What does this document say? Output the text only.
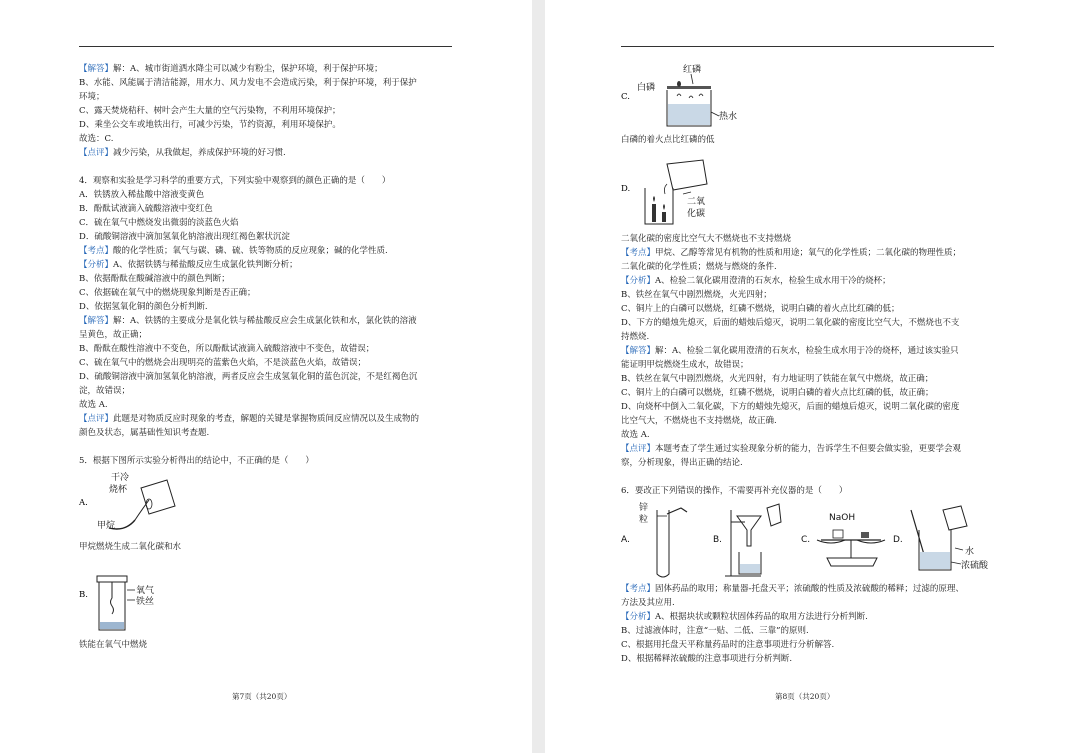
【解答】解：A、城市街道洒水降尘可以减少有粉尘，保护环境，利于保护环境；
B、水能、风能属于清洁能源，用水力、风力发电不会造成污染，利于保护环境，利于保护
环境；
C、露天焚烧秸秆、树叶会产生大量的空气污染物，不利用环境保护；
D、乘坐公交车或地铁出行，可减少污染，节约资源，利用环境保护。
故选：C.
【点评】减少污染，从我做起，养成保护环境的好习惯.
4．观察和实验是学习科学的重要方式，下列实验中观察到的颜色正确的是（　　）
A．铁锈放入稀盐酸中溶液变黄色
B．酚酞试液滴入硫酸溶液中变红色
C．硫在氧气中燃烧发出微弱的淡蓝色火焰
D．硫酸铜溶液中滴加氢氧化钠溶液出现红褐色絮状沉淀
【考点】酸的化学性质；氧气与碳、磷、硫、铁等物质的反应现象；碱的化学性质.
【分析】A、依据铁锈与稀盐酸反应生成氯化铁判断分析；
B、依据酚酞在酸碱溶液中的颜色判断；
C、依据硫在氧气中的燃烧现象判断是否正确；
D、依据氢氧化铜的颜色分析判断.
【解答】解：A、铁锈的主要成分是氧化铁与稀盐酸反应会生成氯化铁和水，氯化铁的溶液
呈黄色，故正确；
B、酚酞在酸性溶液中不变色，所以酚酞试液滴入硫酸溶液中不变色，故错误；
C、硫在氧气中的燃烧会出现明亮的蓝紫色火焰，不是淡蓝色火焰，故错误；
D、硫酸铜溶液中滴加氢氧化钠溶液，两者反应会生成氢氧化铜的蓝色沉淀，不是红褐色沉
淀，故错误；
故选 A.
【点评】此题是对物质反应时现象的考查，解题的关键是掌握物质间反应情况以及生成物的
颜色及状态，属基础性知识考查题.
5．根据下图所示实验分析得出的结论中，不正确的是（　　）
A.
干冷
烧杯
甲烷
甲烷燃烧生成二氧化碳和水
B.	氧气
铁丝
铁能在氧气中燃烧
第7页（共20页）
C.
红磷
白磷
热水
白磷的着火点比红磷的低
D.
二氧
化碳
二氧化碳的密度比空气大不燃烧也不支持燃烧
【考点】甲烷、乙醇等常见有机物的性质和用途；氧气的化学性质；二氧化碳的物理性质；
二氧化碳的化学性质；燃烧与燃烧的条件.
【分析】A、检验二氧化碳用澄清的石灰水，检验生成水用干冷的烧杯；
B、铁丝在氧气中剧烈燃烧，火光四射；
C、铜片上的白磷可以燃烧，红磷不燃烧，说明白磷的着火点比红磷的低；
D、下方的蜡烛先熄灭，后面的蜡烛后熄灭，说明二氧化碳的密度比空气大，不燃烧也不支
持燃烧.
【解答】解：A、检验二氧化碳用澄清的石灰水，检验生成水用于冷的烧杯，通过该实验只
能证明甲烷燃烧生成水，故错误；
B、铁丝在氧气中剧烈燃烧，火光四射，有力地证明了铁能在氧气中燃烧，故正确；
C、铜片上的白磷可以燃烧，红磷不燃烧，说明白磷的着火点比红磷的低，故正确；
D、向烧杯中倒入二氧化碳，下方的蜡烛先熄灭，后面的蜡烛后熄灭，说明二氧化碳的密度
比空气大，不燃烧也不支持燃烧，故正确.
故选 A.
【点评】本题考查了学生通过实验现象分析的能力，告诉学生不但要会做实验，更要学会观
察，分析现象，得出正确的结论.
6．要改正下列错误的操作，不需要再补充仪器的是（　　）
A.
锌
粒
B.	C.
NaOH
D.
水
浓硫酸
【考点】固体药品的取用；称量器-托盘天平；浓硫酸的性质及浓硫酸的稀释；过滤的原理、
方法及其应用.
【分析】A、根据块状或颗粒状固体药品的取用方法进行分析判断.
B、过滤液体时，注意“一贴、二低、三靠”的原则.
C、根据用托盘天平称量药品时的注意事项进行分析解答.
D、根据稀释浓硫酸的注意事项进行分析判断.
第8页（共20页）
